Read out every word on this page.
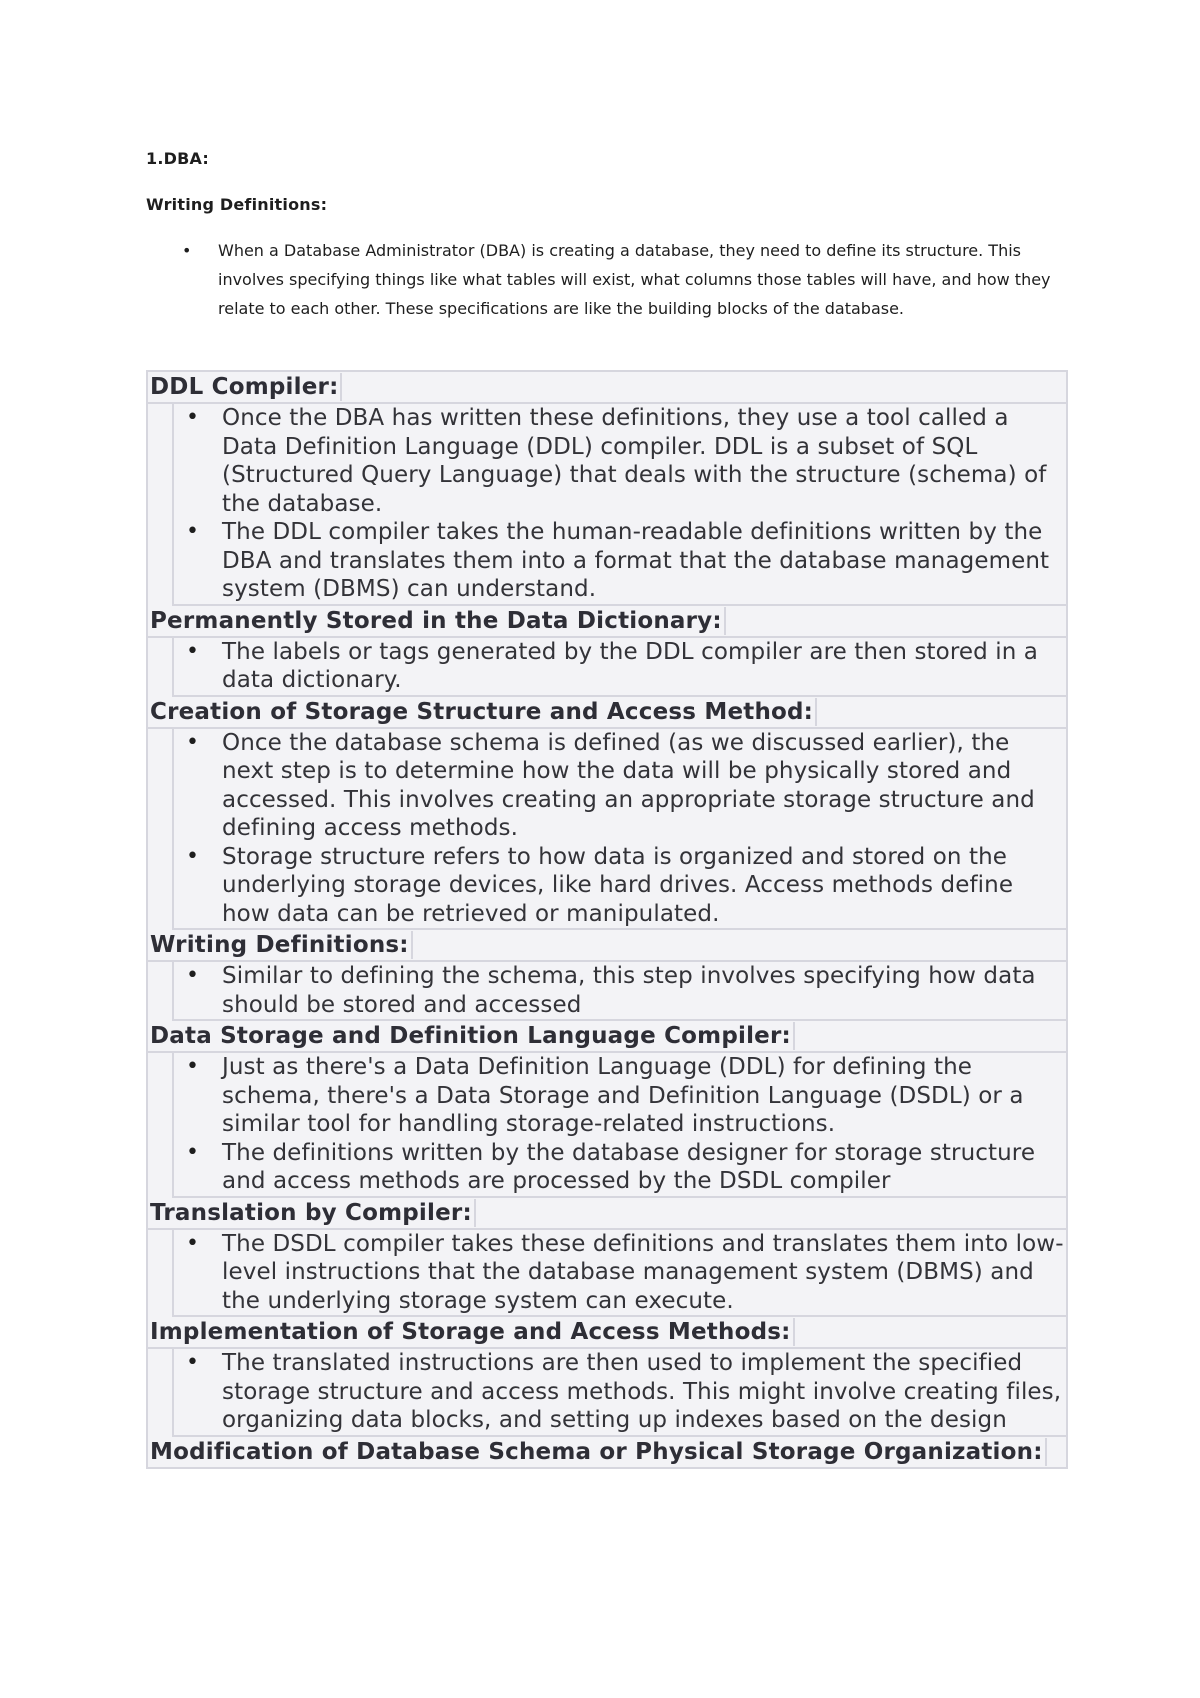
1.DBA:
Writing Definitions:
• When a Database Administrator (DBA) is creating a database, they need to define its structure. This involves specifying things like what tables will exist, what columns those tables will have, and how they relate to each other. These specifications are like the building blocks of the database.
DDL Compiler:
• Once the DBA has written these definitions, they use a tool called a Data Definition Language (DDL) compiler. DDL is a subset of SQL (Structured Query Language) that deals with the structure (schema) of the database.
• The DDL compiler takes the human-readable definitions written by the DBA and translates them into a format that the database management system (DBMS) can understand.
Permanently Stored in the Data Dictionary:
• The labels or tags generated by the DDL compiler are then stored in a data dictionary.
Creation of Storage Structure and Access Method:
• Once the database schema is defined (as we discussed earlier), the next step is to determine how the data will be physically stored and accessed. This involves creating an appropriate storage structure and defining access methods.
• Storage structure refers to how data is organized and stored on the underlying storage devices, like hard drives. Access methods define how data can be retrieved or manipulated.
Writing Definitions:
• Similar to defining the schema, this step involves specifying how data should be stored and accessed
Data Storage and Definition Language Compiler:
• Just as there's a Data Definition Language (DDL) for defining the schema, there's a Data Storage and Definition Language (DSDL) or a similar tool for handling storage-related instructions.
• The definitions written by the database designer for storage structure and access methods are processed by the DSDL compiler
Translation by Compiler:
• The DSDL compiler takes these definitions and translates them into low-level instructions that the database management system (DBMS) and the underlying storage system can execute.
Implementation of Storage and Access Methods:
• The translated instructions are then used to implement the specified storage structure and access methods. This might involve creating files, organizing data blocks, and setting up indexes based on the design
Modification of Database Schema or Physical Storage Organization:
